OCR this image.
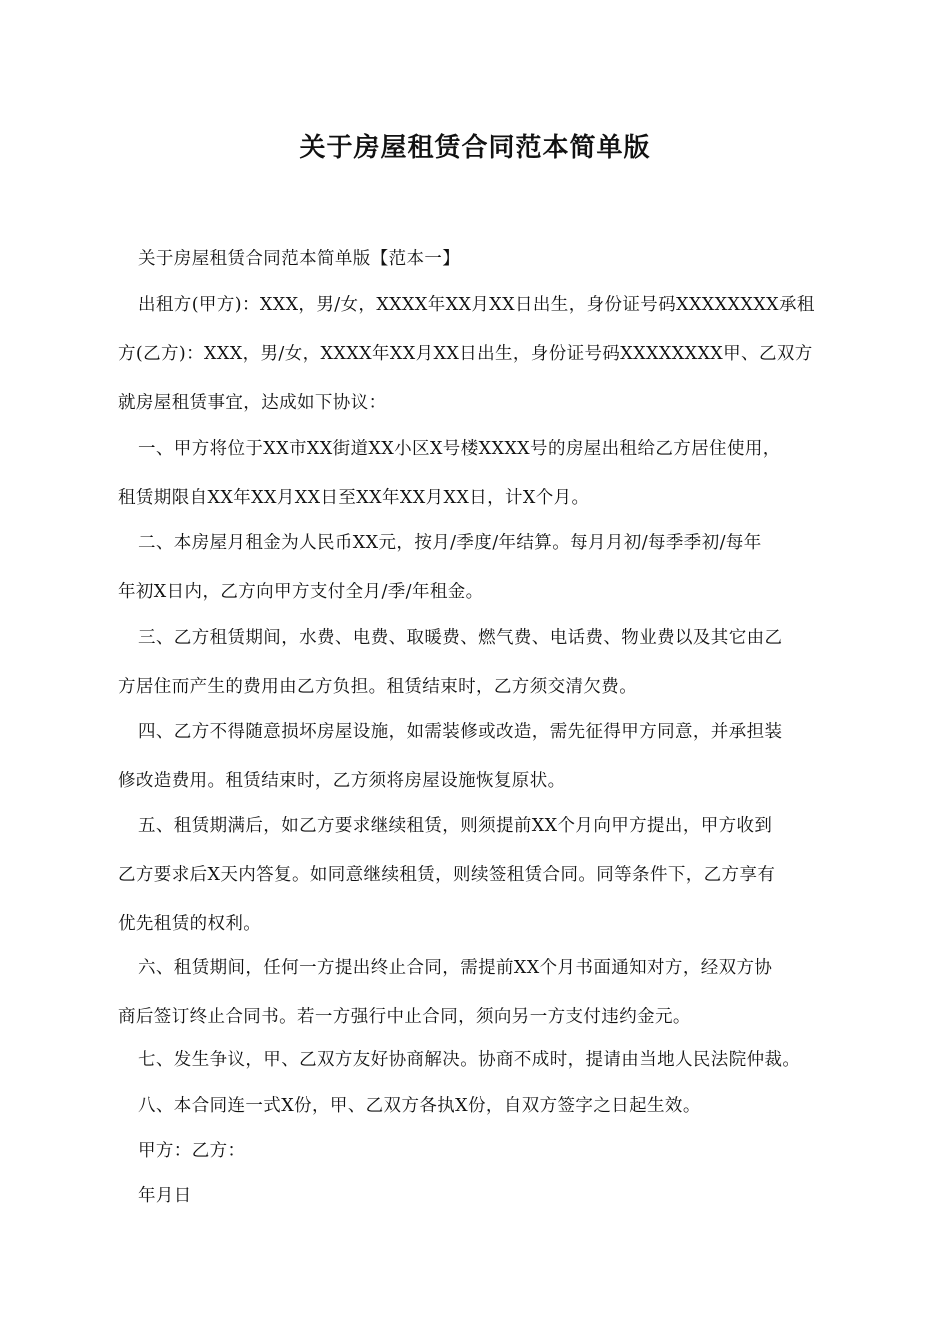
关于房屋租赁合同范本简单版
关于房屋租赁合同范本简单版【范本一】
出租方(甲方)：XXX，男/女，XXXX年XX月XX日出生，身份证号码XXXXXXXX承租
方(乙方)：XXX，男/女，XXXX年XX月XX日出生，身份证号码XXXXXXXX甲、乙双方
就房屋租赁事宜，达成如下协议：
一、甲方将位于XX市XX街道XX小区X号楼XXXX号的房屋出租给乙方居住使用，
租赁期限自XX年XX月XX日至XX年XX月XX日，计X个月。
二、本房屋月租金为人民币XX元，按月/季度/年结算。每月月初/每季季初/每年
年初X日内，乙方向甲方支付全月/季/年租金。
三、乙方租赁期间，水费、电费、取暖费、燃气费、电话费、物业费以及其它由乙
方居住而产生的费用由乙方负担。租赁结束时，乙方须交清欠费。
四、乙方不得随意损坏房屋设施，如需装修或改造，需先征得甲方同意，并承担装
修改造费用。租赁结束时，乙方须将房屋设施恢复原状。
五、租赁期满后，如乙方要求继续租赁，则须提前XX个月向甲方提出，甲方收到
乙方要求后X天内答复。如同意继续租赁，则续签租赁合同。同等条件下，乙方享有
优先租赁的权利。
六、租赁期间，任何一方提出终止合同，需提前XX个月书面通知对方，经双方协
商后签订终止合同书。若一方强行中止合同，须向另一方支付违约金元。
七、发生争议，甲、乙双方友好协商解决。协商不成时，提请由当地人民法院仲裁。
八、本合同连一式X份，甲、乙双方各执X份，自双方签字之日起生效。
甲方：乙方：
年月日
